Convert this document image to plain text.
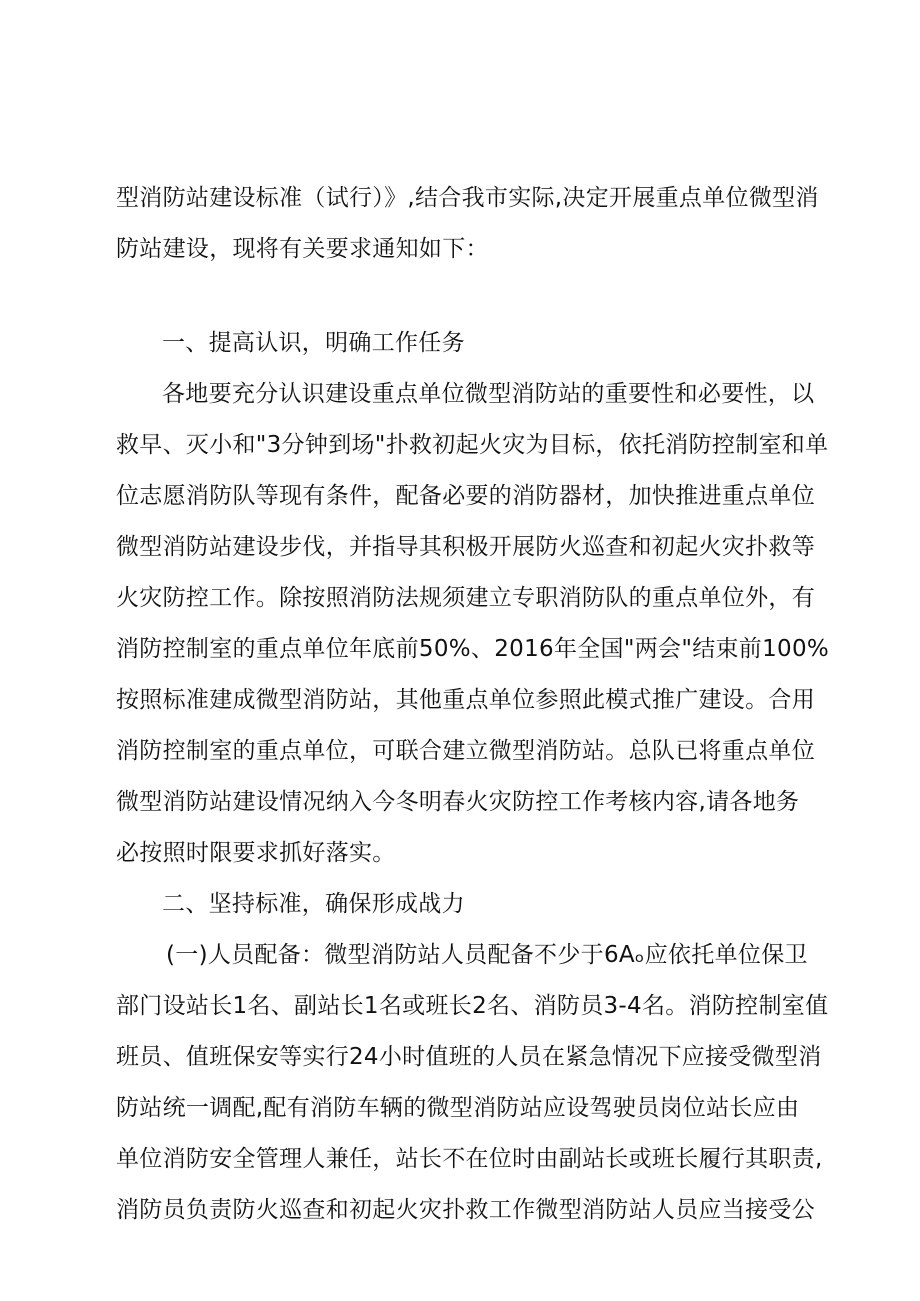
型消防站建设标准（试行）》,结合我市实际,决定开展重点单位微型消
防站建设，现将有关要求通知如下：
一、提高认识，明确工作任务
各地要充分认识建设重点单位微型消防站的重要性和必要性，以
救早、灭小和"3分钟到场"扑救初起火灾为目标，依托消防控制室和单
位志愿消防队等现有条件，配备必要的消防器材，加快推进重点单位
微型消防站建设步伐，并指导其积极开展防火巡查和初起火灾扑救等
火灾防控工作。除按照消防法规须建立专职消防队的重点单位外，有
消防控制室的重点单位年底前50%、2016年全国"两会"结束前100%
按照标准建成微型消防站，其他重点单位参照此模式推广建设。合用
消防控制室的重点单位，可联合建立微型消防站。总队已将重点单位
微型消防站建设情况纳入今冬明春火灾防控工作考核内容,请各地务
必按照时限要求抓好落实。
二、坚持标准，确保形成战力
(一)人员配备：微型消防站人员配备不少于6Aₒ应依托单位保卫
部门设站长1名、副站长1名或班长2名、消防员3-4名。消防控制室值
班员、值班保安等实行24小时值班的人员在紧急情况下应接受微型消
防站统一调配,配有消防车辆的微型消防站应设驾驶员岗位站长应由
单位消防安全管理人兼任，站长不在位时由副站长或班长履行其职责,
消防员负责防火巡查和初起火灾扑救工作微型消防站人员应当接受公
